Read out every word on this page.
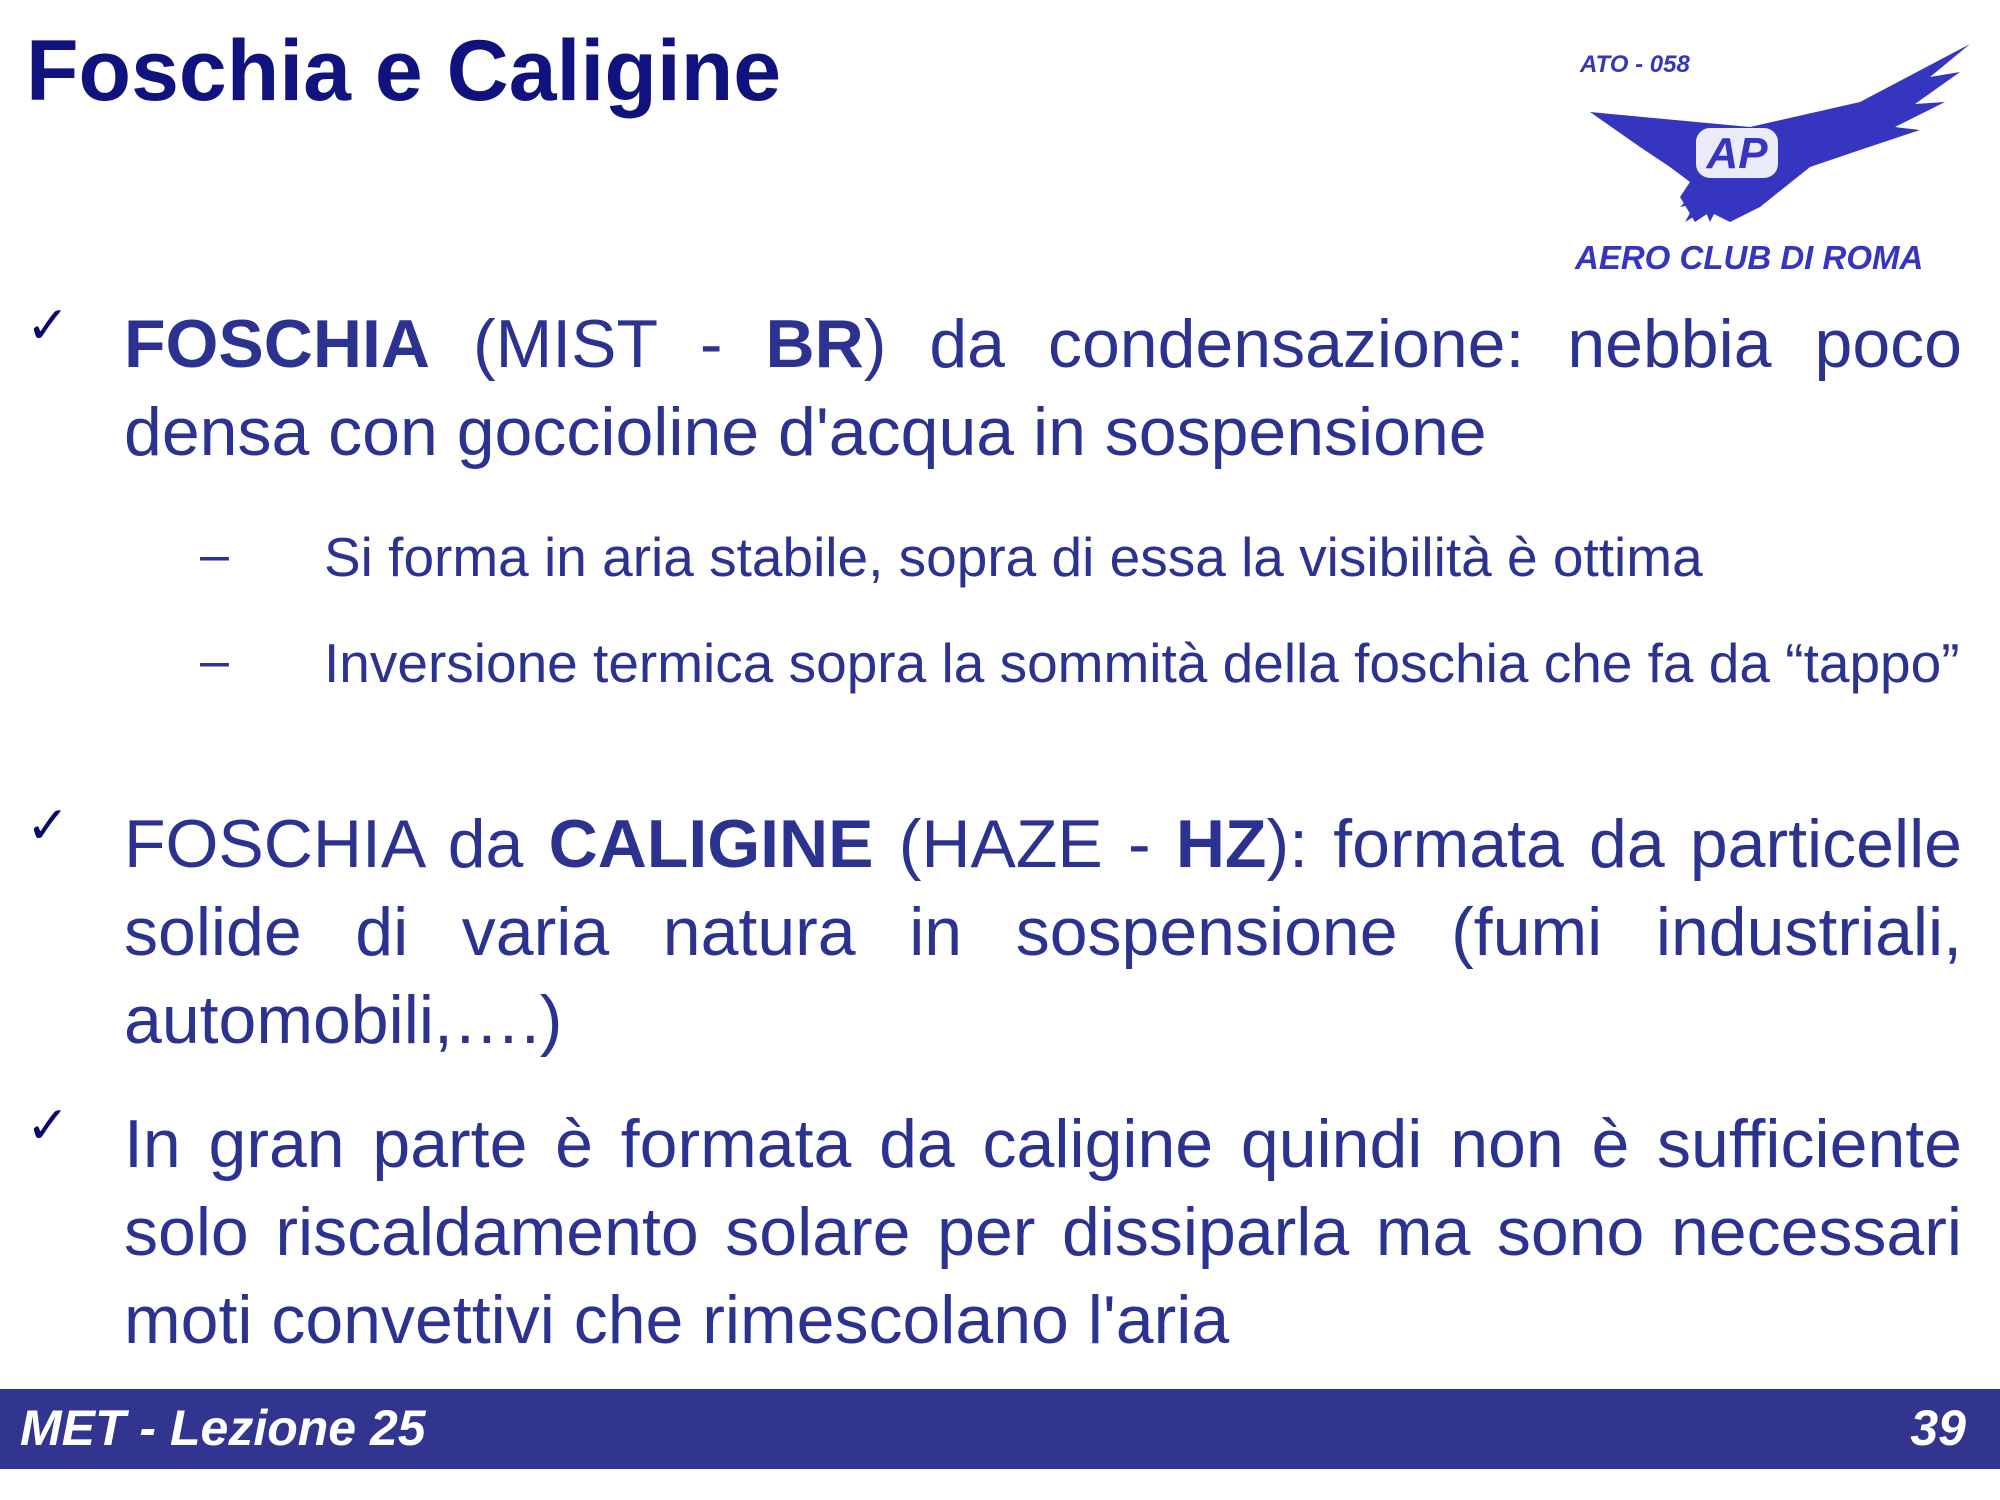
Foschia e Caligine	ATO - 058
AP
AERO CLUB DI ROMA
✓ FOSCHIA (MIST - BR) da condensazione: nebbia poco densa con goccioline d'acqua in sospensione
– Si forma in aria stabile, sopra di essa la visibilità è ottima
– Inversione termica sopra la sommità della foschia che fa da “tappo”
✓ FOSCHIA da CALIGINE (HAZE - HZ): formata da particelle solide di varia natura in sospensione (fumi industriali, automobili,….)
✓ In gran parte è formata da caligine quindi non è sufficiente solo riscaldamento solare per dissiparla ma sono necessari moti convettivi che rimescolano l'aria
MET - Lezione 25	39
